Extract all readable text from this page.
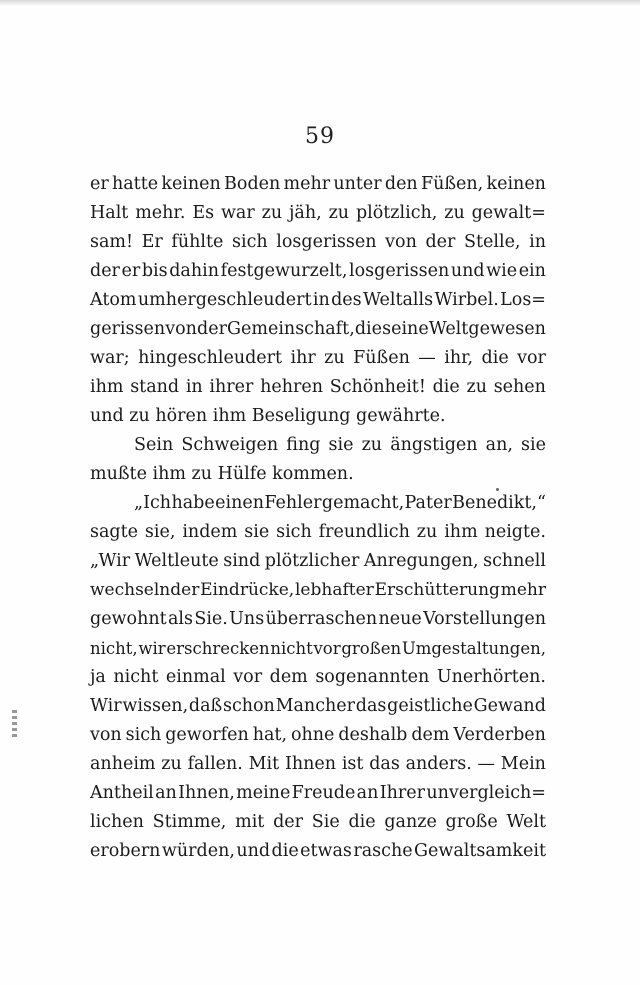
59
er hatte keinen Boden mehr unter den Füßen, keinen
Halt mehr. Es war zu jäh, zu plötzlich, zu gewalt=
sam! Er fühlte sich losgerissen von der Stelle, in
der er bis dahin festgewurzelt, losgerissen und wie ein
Atom umhergeschleudert in des Weltalls Wirbel. Los=
gerissen von der Gemeinschaft, die seine Welt gewesen
war; hingeschleudert ihr zu Füßen — ihr, die vor
ihm stand in ihrer hehren Schönheit! die zu sehen
und zu hören ihm Beseligung gewährte.
Sein Schweigen fing sie zu ängstigen an, sie
mußte ihm zu Hülfe kommen.
„Ich habe einen Fehler gemacht, Pater Benedikt,“
sagte sie, indem sie sich freundlich zu ihm neigte.
„Wir Weltleute sind plötzlicher Anregungen, schnell
wechselnder Eindrücke, lebhafter Erschütterung mehr
gewohnt als Sie. Uns überraschen neue Vorstellungen
nicht, wir erschrecken nicht vor großen Umgestaltungen,
ja nicht einmal vor dem sogenannten Unerhörten.
Wir wissen, daß schon Mancher das geistliche Gewand
von sich geworfen hat, ohne deshalb dem Verderben
anheim zu fallen. Mit Ihnen ist das anders. — Mein
Antheil an Ihnen, meine Freude an Ihrer unvergleich=
lichen Stimme, mit der Sie die ganze große Welt
erobern würden, und die etwas rasche Gewaltsamkeit
